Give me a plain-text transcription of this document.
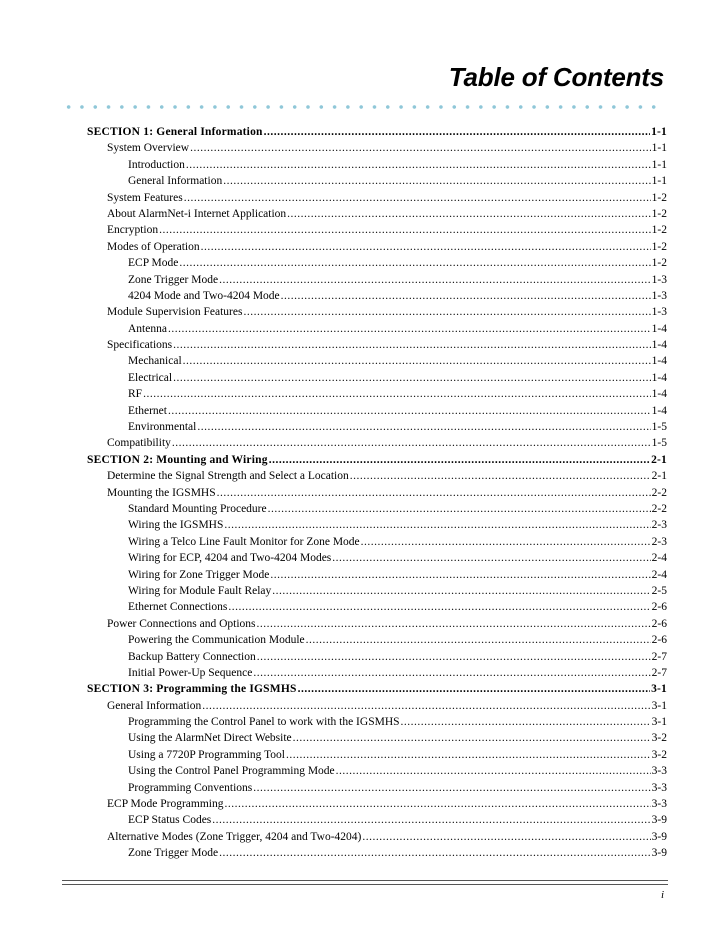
Table of Contents
SECTION 1: General Information .....	1-1
System Overview .....	1-1
Introduction .....	1-1
General Information .....	1-1
System Features .....	1-2
About AlarmNet-i Internet Application .....	1-2
Encryption .....	1-2
Modes of Operation .....	1-2
ECP Mode .....	1-2
Zone Trigger Mode .....	1-3
4204 Mode and Two-4204 Mode .....	1-3
Module Supervision Features .....	1-3
Antenna .....	1-4
Specifications .....	1-4
Mechanical .....	1-4
Electrical .....	1-4
RF .....	1-4
Ethernet .....	1-4
Environmental .....	1-5
Compatibility .....	1-5
SECTION 2: Mounting and Wiring .....	2-1
Determine the Signal Strength and Select a Location .....	2-1
Mounting the IGSMHS .....	2-2
Standard Mounting Procedure .....	2-2
Wiring the IGSMHS .....	2-3
Wiring a Telco Line Fault Monitor for Zone Mode .....	2-3
Wiring for ECP, 4204 and Two-4204 Modes .....	2-4
Wiring for Zone Trigger Mode .....	2-4
Wiring for Module Fault Relay .....	2-5
Ethernet Connections .....	2-6
Power Connections and Options .....	2-6
Powering the Communication Module .....	2-6
Backup Battery Connection .....	2-7
Initial Power-Up Sequence .....	2-7
SECTION 3: Programming the IGSMHS .....	3-1
General Information .....	3-1
Programming the Control Panel to work with the IGSMHS .....	3-1
Using the AlarmNet Direct Website .....	3-2
Using a 7720P Programming Tool .....	3-2
Using the Control Panel Programming Mode .....	3-3
Programming Conventions .....	3-3
ECP Mode Programming .....	3-3
ECP Status Codes .....	3-9
Alternative Modes (Zone Trigger, 4204 and Two-4204) .....	3-9
Zone Trigger Mode .....	3-9
i
